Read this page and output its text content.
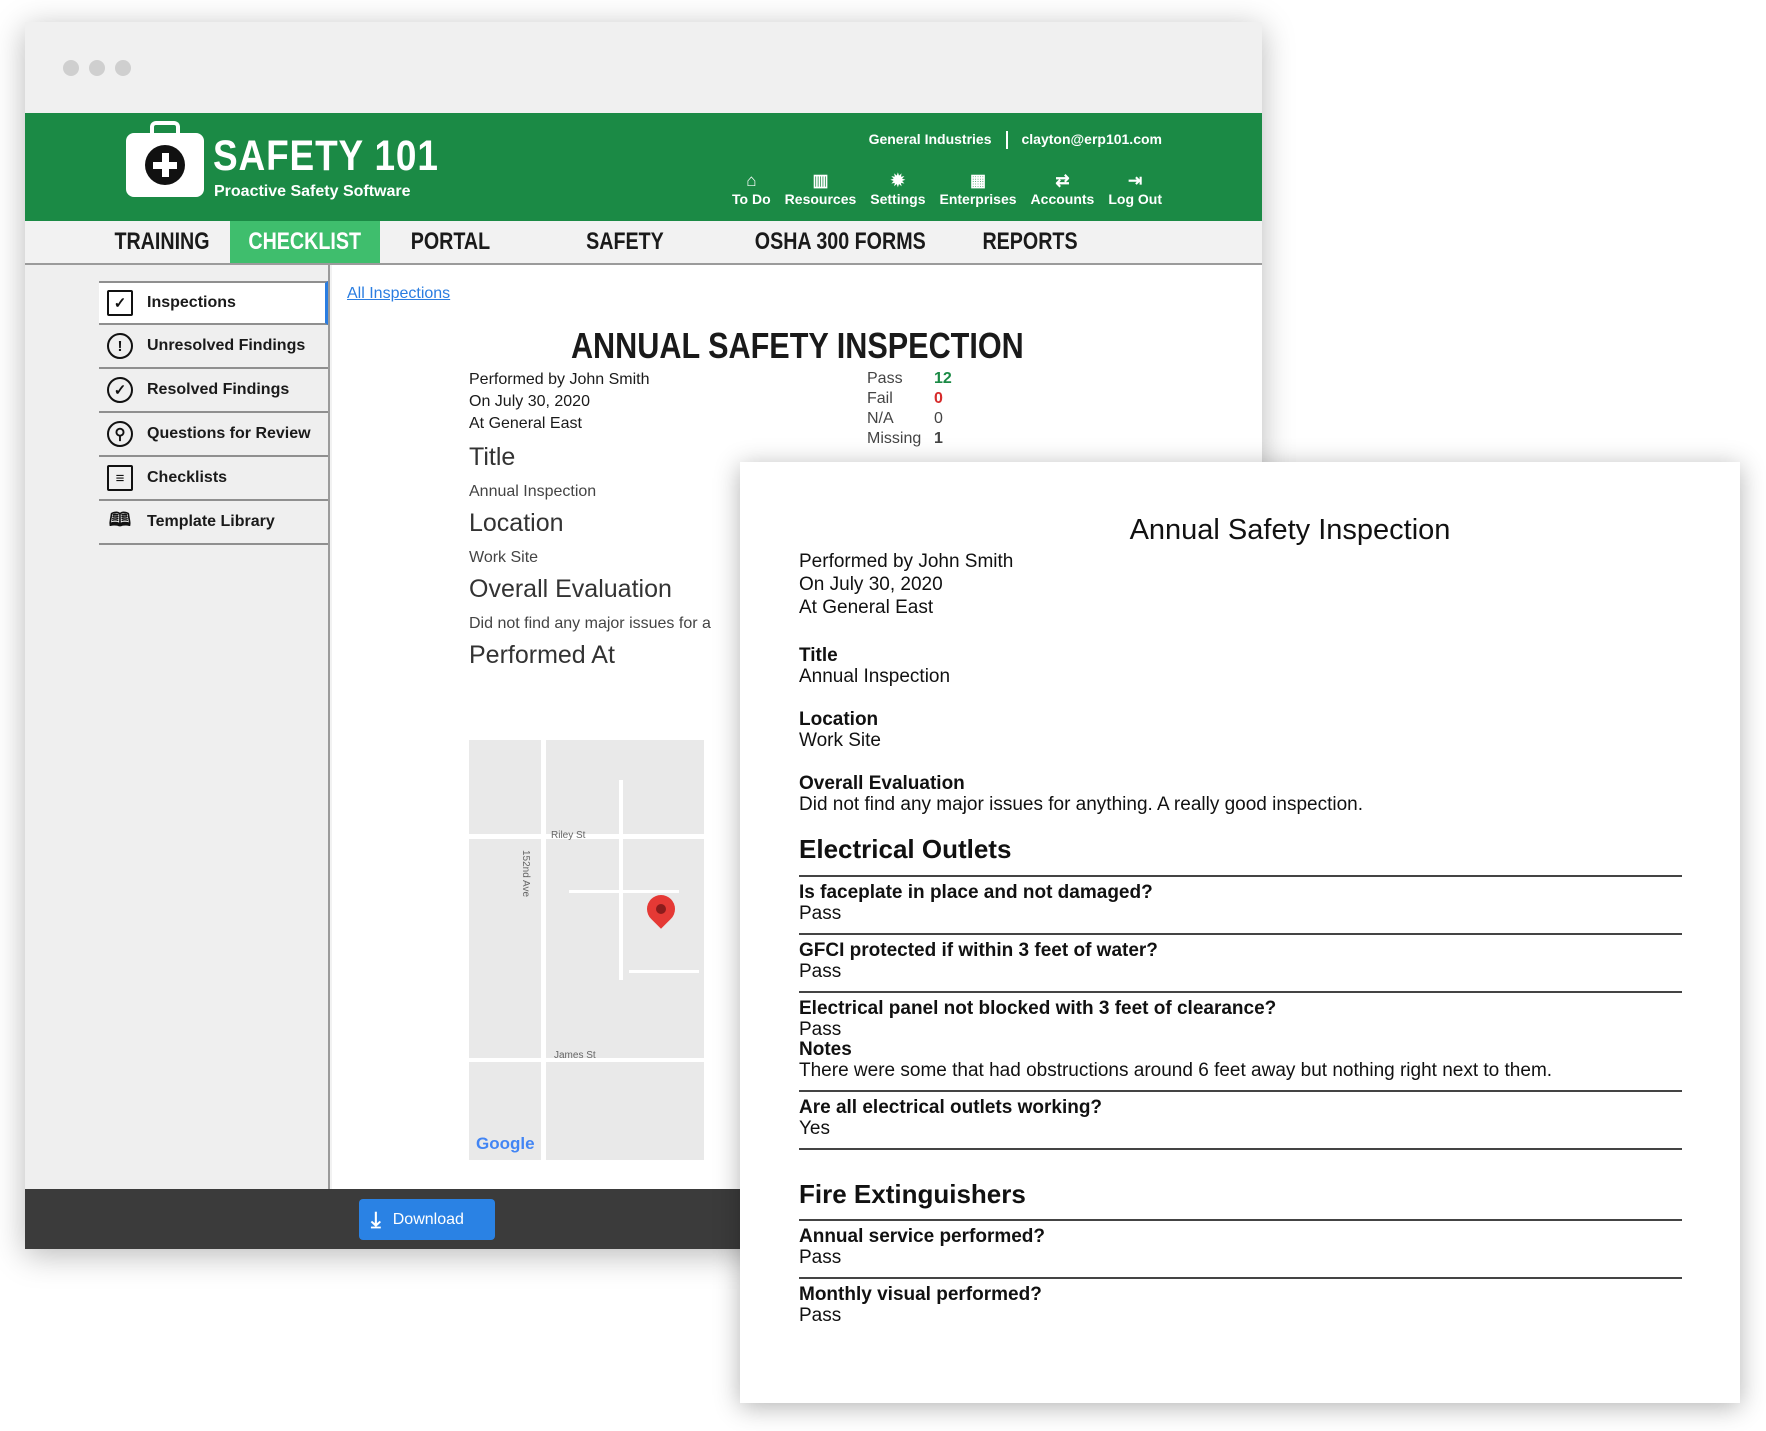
SAFETY 101
Proactive Safety Software
General Industries clayton@erp101.com
⌂
To Do
▥
Resources
✹
Settings
▦
Enterprises
⇄
Accounts
⇥
Log Out
TRAINING	CHECKLIST	PORTAL	SAFETY	OSHA 300 FORMS	REPORTS
✓	Inspections
!	Unresolved Findings
✓	Resolved Findings
⚲	Questions for Review
≡	Checklists
🕮 Template Library
All Inspections
ANNUAL SAFETY INSPECTION
Performed by John Smith
On July 30, 2020
At General East
Pass	12
Fail	0
N/A	0
Missing 1
Title
Annual Inspection
Location
Work Site
Overall Evaluation
Did not find any major issues for a
Performed At
Riley St
152nd Ave
James St
Google
⤓ Download
Annual Safety Inspection
Performed by John Smith
On July 30, 2020
At General East
Title
Annual Inspection
Location
Work Site
Overall Evaluation
Did not find any major issues for anything. A really good inspection.
Electrical Outlets
Is faceplate in place and not damaged?
Pass
GFCI protected if within 3 feet of water?
Pass
Electrical panel not blocked with 3 feet of clearance?
Pass
Notes
There were some that had obstructions around 6 feet away but nothing right next to them.
Are all electrical outlets working?
Yes
Fire Extinguishers
Annual service performed?
Pass
Monthly visual performed?
Pass
